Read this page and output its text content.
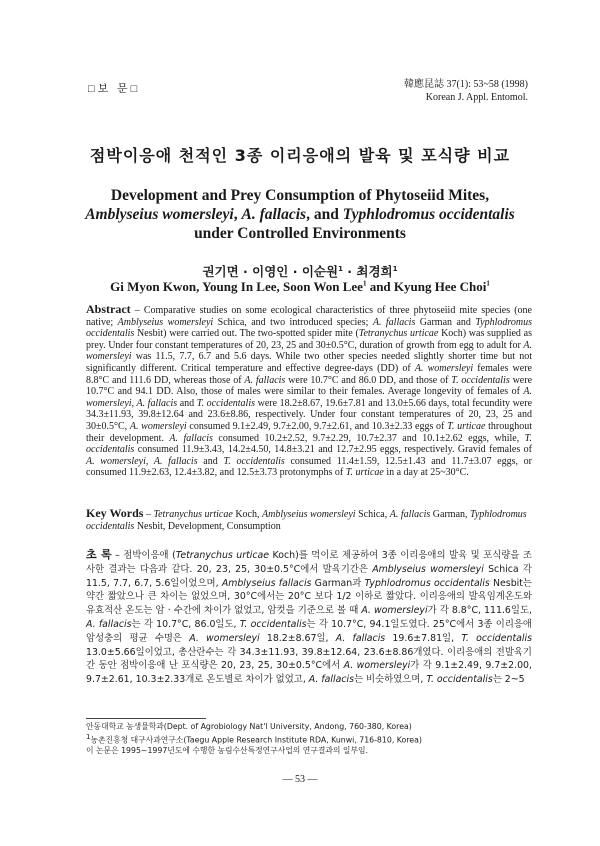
□보 문□	韓應昆誌 37(1): 53~58 (1998)
Korean J. Appl. Entomol.
점박이응애 천적인 3종 이리응애의 발육 및 포식량 비교
Development and Prey Consumption of Phytoseiid Mites,
Amblyseius womersleyi, A. fallacis, and Typhlodromus occidentalis
under Controlled Environments
권기면 · 이영인 · 이순원$^1$ · 최경희$^1$
Gi Myon Kwon, Young In Lee, Soon Won Lee$^1$ and Kyung Hee Choi$^1$
Abstract – Comparative studies on some ecological characteristics of three phytoseiid mite species (one native; Amblyseius womersleyi Schica, and two introduced species; A. fallacis Garman and Typhlodromus occidentalis Nesbit) were carried out. The two-spotted spider mite (Tetranychus urticae Koch) was supplied as prey. Under four constant temperatures of 20, 23, 25 and 30±0.5°C, duration of growth from egg to adult for A. womersleyi was 11.5, 7.7, 6.7 and 5.6 days. While two other species needed slightly shorter time but not significantly different. Critical temperature and effective degree-days (DD) of A. womersleyi females were 8.8°C and 111.6 DD, whereas those of A. fallacis were 10.7°C and 86.0 DD, and those of T. occidentalis were 10.7°C and 94.1 DD. Also, those of males were similar to their females. Average longevity of females of A. womersleyi, A. fallacis and T. occidentalis were 18.2±8.67, 19.6±7.81 and 13.0±5.66 days, total fecundity were 34.3±11.93, 39.8±12.64 and 23.6±8.86, respectively. Under four constant temperatures of 20, 23, 25 and 30±0.5°C, A. womersleyi consumed 9.1±2.49, 9.7±2.00, 9.7±2.61, and 10.3±2.33 eggs of T. urticae throughout their development. A. fallacis consumed 10.2±2.52, 9.7±2.29, 10.7±2.37 and 10.1±2.62 eggs, while, T. occidentalis consumed 11.9±3.43, 14.2±4.50, 14.8±3.21 and 12.7±2.95 eggs, respectively. Gravid females of A. womersleyi, A. fallacis and T. occidentalis consumed 11.4±1.59, 12.5±1.43 and 11.7±3.07 eggs, or consumed 11.9±2.63, 12.4±3.82, and 12.5±3.73 protonymphs of T. urticae in a day at 25~30°C.
Key Words – Tetranychus urticae Koch, Amblyseius womersleyi Schica, A. fallacis Garman, Typhlodromus occidentalis Nesbit, Development, Consumption
초 록 – 점박이응애 (Tetranychus urticae Koch)를 먹이로 제공하여 3종 이리응애의 발육 및 포식량을 조사한 결과는 다음과 같다. 20, 23, 25, 30±0.5°C에서 발육기간은 Amblyseius womersleyi Schica 각 11.5, 7.7, 6.7, 5.6일이었으며, Amblyseius fallacis Garman과 Typhlodromus occidentalis Nesbit는 약간 짧았으나 큰 차이는 없었으며, 30°C에서는 20°C 보다 1/2 이하로 짧았다. 이리응애의 발육임계온도와 유효적산 온도는 암 · 수간에 차이가 없었고, 암컷을 기준으로 볼 때 A. womersleyi가 각 8.8°C, 111.6일도, A. fallacis는 각 10.7°C, 86.0일도, T. occidentalis는 각 10.7°C, 94.1일도였다. 25°C에서 3종 이리응애 암성충의 평균 수명은 A. womersleyi 18.2±8.67일, A. fallacis 19.6±7.81일, T. occidentalis 13.0±5.66일이었고, 총산란수는 각 34.3±11.93, 39.8±12.64, 23.6±8.86개였다. 이리응애의 전발육기간 동안 점박이응애 난 포식량은 20, 23, 25, 30±0.5°C에서 A. womersleyi가 각 9.1±2.49, 9.7±2.00, 9.7±2.61, 10.3±2.33개로 온도별로 차이가 없었고, A. fallacis는 비슷하였으며, T. occidentalis는 2~5
안동대학교 농생물학과(Dept. of Agrobiology Nat'l University, Andong, 760-380, Korea)
$^1$농촌진흥청 대구사과연구소(Taegu Apple Research Institute RDA, Kunwi, 716-810, Korea)
이 논문은 1995~1997년도에 수행한 농림수산특정연구사업의 연구결과의 일부임.
— 53 —
